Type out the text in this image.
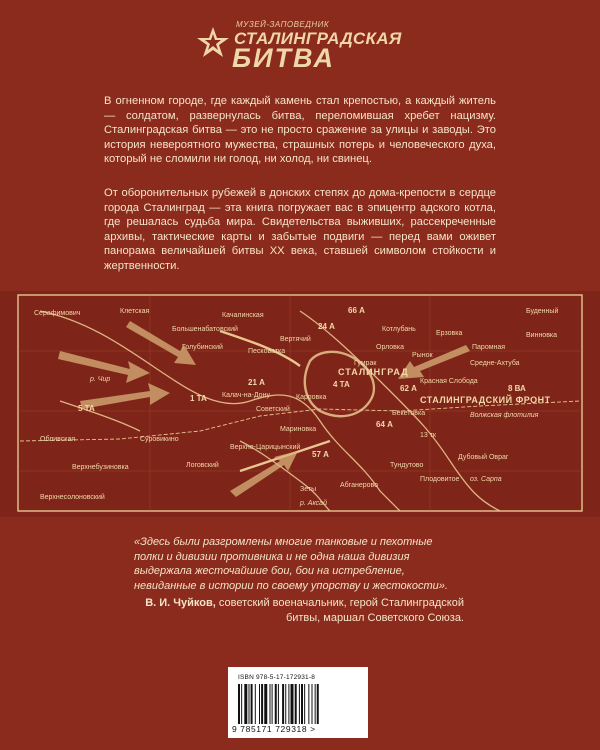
МУЗЕЙ-ЗАПОВЕДНИК
СТАЛИНГРАДСКАЯ
БИТВА

В огненном городе, где каждый камень стал крепостью, а каждый житель — солдатом, развернулась битва, переломившая хребет нацизму. Сталинградская битва — это не просто сражение за улицы и заводы. Это история невероятного мужества, страшных потерь и человеческого духа, который не сломили ни голод, ни холод, ни свинец.

От оборонительных рубежей в донских степях до дома-крепости в сердце города Сталинград — эта книга погружает вас в эпицентр адского котла, где решалась судьба мира. Свидетельства выживших, рассекреченные архивы, тактические карты и забытые подвиги — перед вами оживет панорама величайшей битвы XX века, ставшей символом стойкости и жертвенности.

66 А
24 А
21 А	4 ТА	62 А
64 А
57 А
5 ТА
1 ТА
8 ВА
13 тк
СТАЛИНГРАД
СТАЛИНГРАДСКИЙ ФРОНТ
Волжская флотилия
Калач-на-Дону
Красная Слобода
Бекетовка
Советский
Серафимович	Клетская
Большенабатовский
Песковатка
Вертячий
Котлубань
Качалинская
Ерзовка
Гумрак
р. Аксай
Суровикино
Верхнебузиновка	Логовский	Тундутово
Абганерово
Плодовитое
Дубовый Овраг
оз. Сарпа
Средне-Ахтуба
Буденный
Паромная
Рынок
Орловка
Карповка
Мариновка
Голубинский
Винновка
Зеты
Верхне-Царицынский
р. Чир
Обливская
Верхнесолоновский

«Здесь были разгромлены многие танковые и пехотные полки и дивизии противника и не одна наша дивизия выдержала жесточайшие бои, бои на истребление, невиданные в истории по своему упорству и жестокости».

В. И. Чуйков, советский военачальник, герой Сталинградской битвы, маршал Советского Союза.

ISBN 978-5-17-172931-8
9 785171 729318 >
